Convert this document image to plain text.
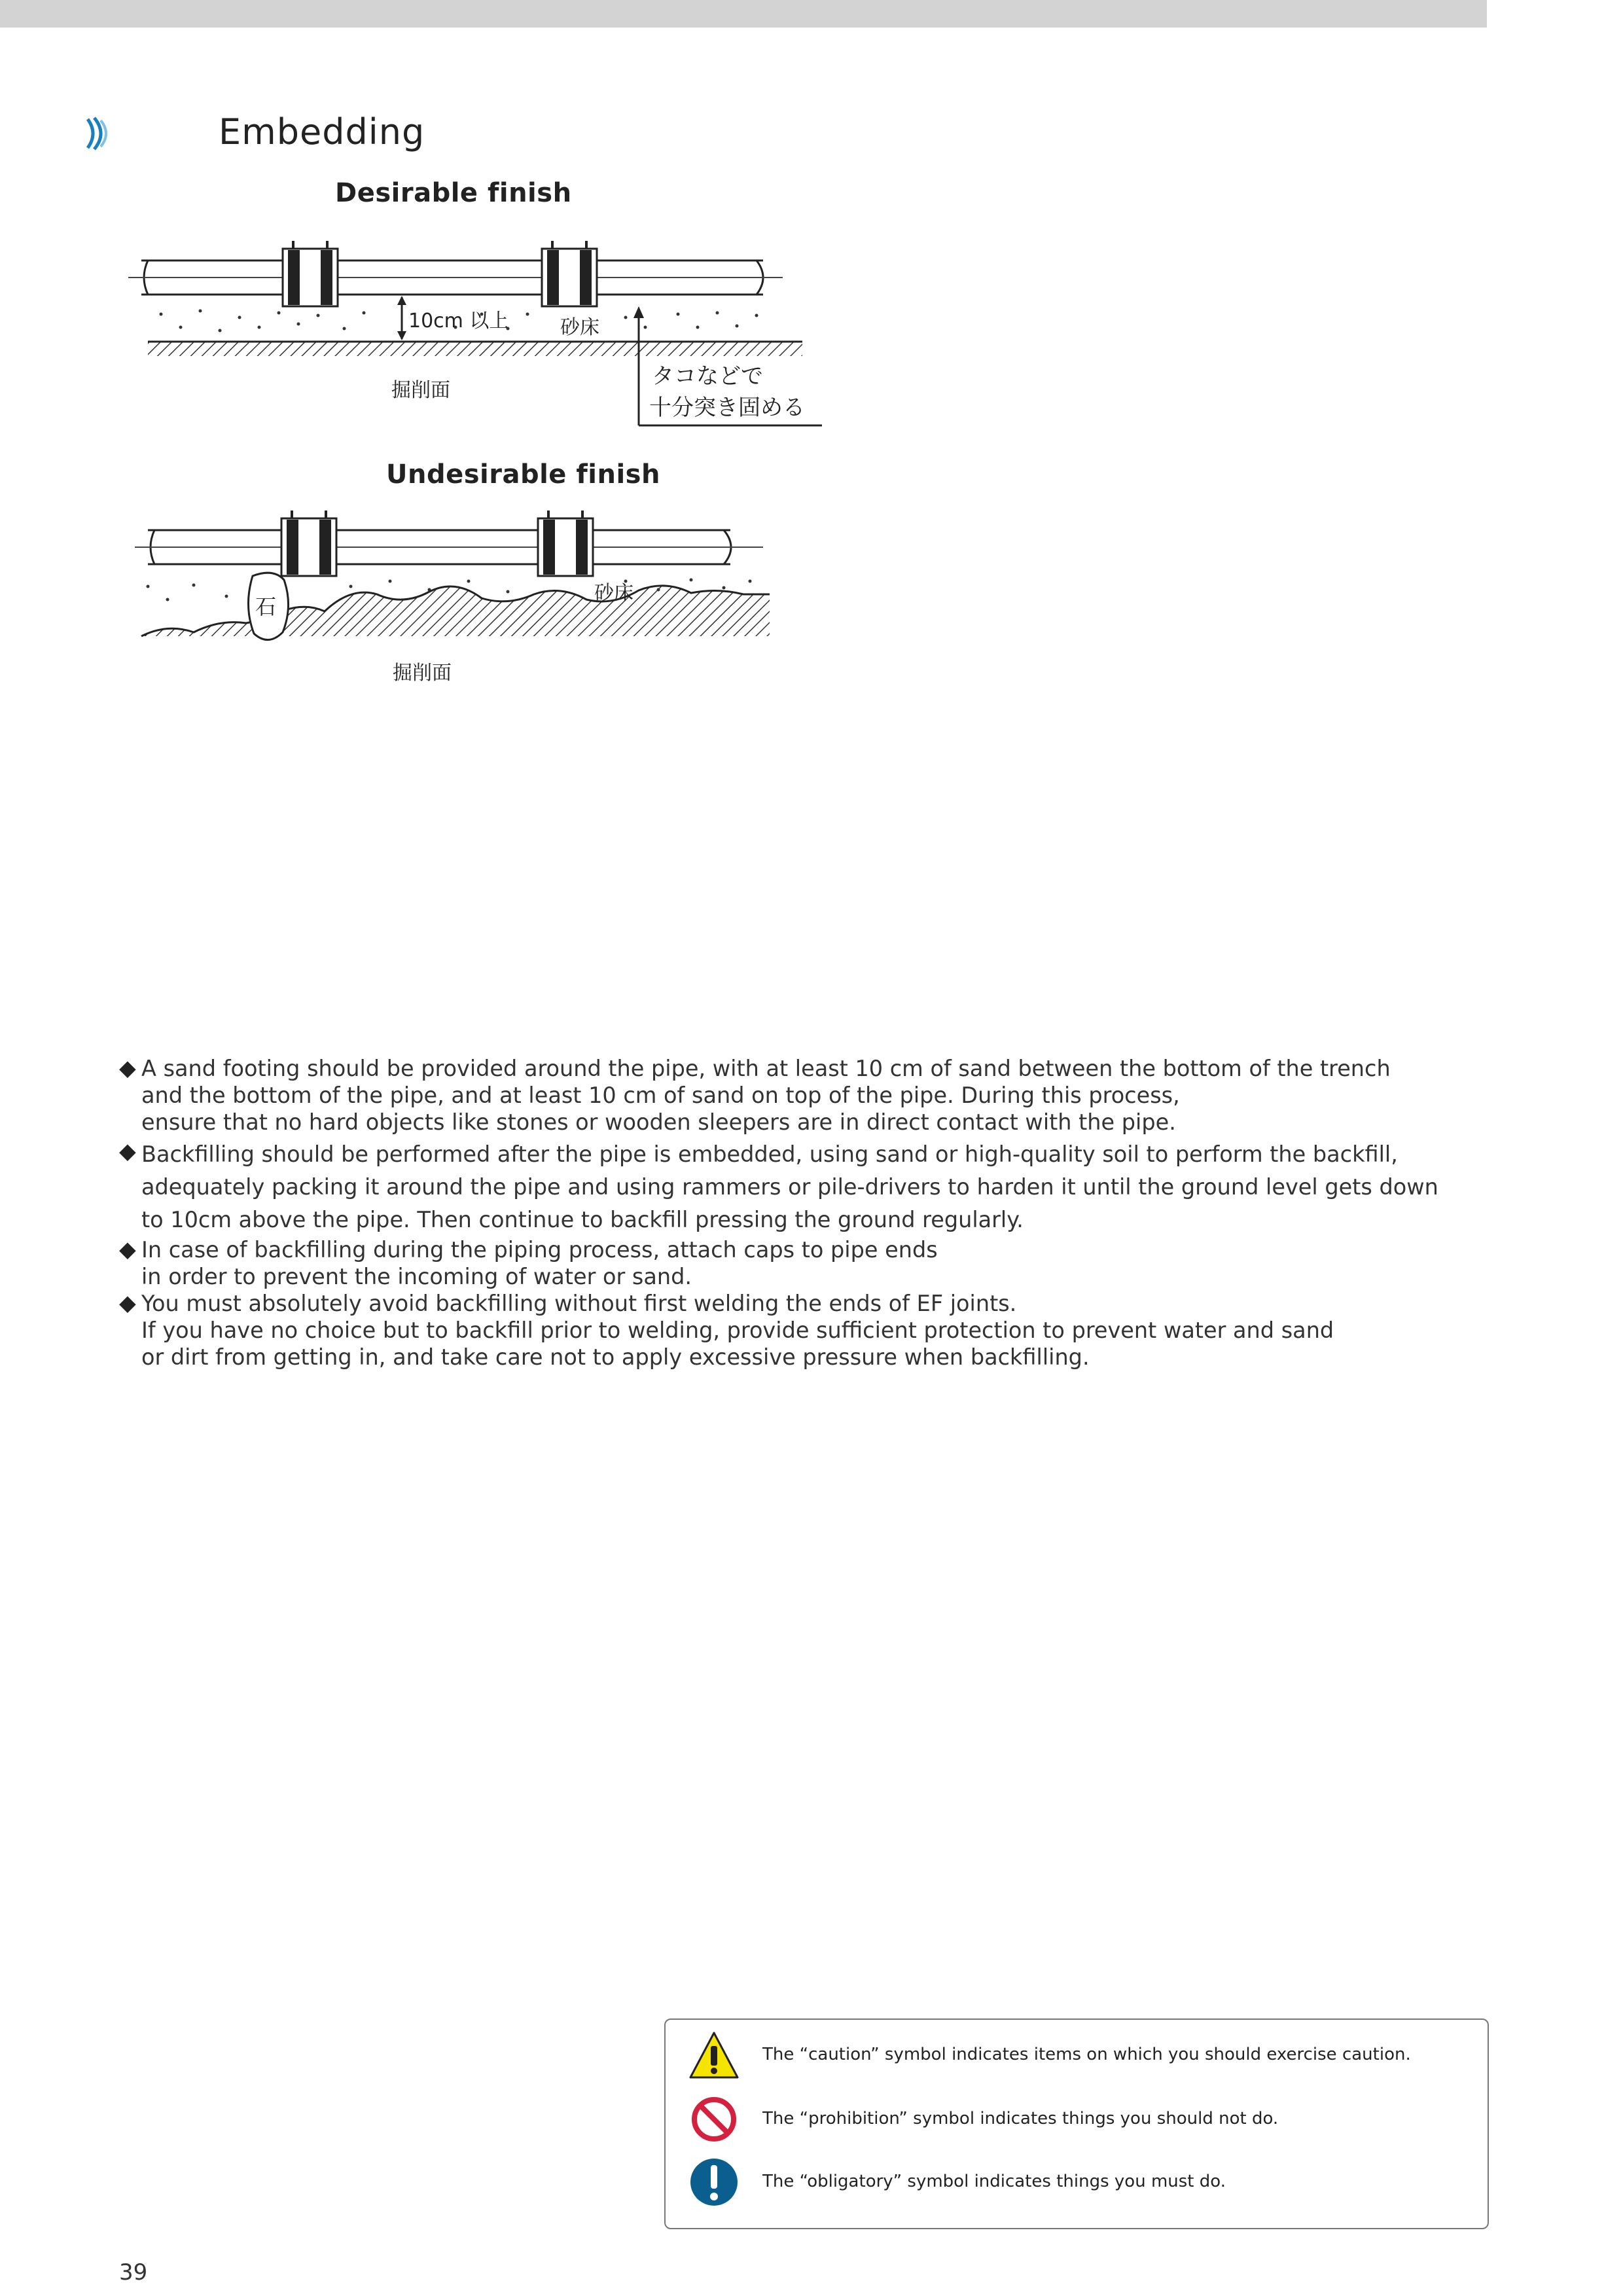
Embedding
Desirable finish
10cm 以上	砂床
タコなどで
十分突き固める
掘削面
Undesirable finish
石
砂床
掘削面
◆ A sand footing should be provided around the pipe, with at least 10 cm of sand between the bottom of the trench
and the bottom of the pipe, and at least 10 cm of sand on top of the pipe. During this process,
ensure that no hard objects like stones or wooden sleepers are in direct contact with the pipe.
◆ Backfilling should be performed after the pipe is embedded, using sand or high-quality soil to perform the backfill,
adequately packing it around the pipe and using rammers or pile-drivers to harden it until the ground level gets down
to 10cm above the pipe. Then continue to backfill pressing the ground regularly.
◆ In case of backfilling during the piping process, attach caps to pipe ends
in order to prevent the incoming of water or sand.
◆ You must absolutely avoid backfilling without first welding the ends of EF joints.
If you have no choice but to backfill prior to welding, provide sufficient protection to prevent water and sand
or dirt from getting in, and take care not to apply excessive pressure when backfilling.
The “caution” symbol indicates items on which you should exercise caution.
The “prohibition” symbol indicates things you should not do.
The “obligatory” symbol indicates things you must do.
39
